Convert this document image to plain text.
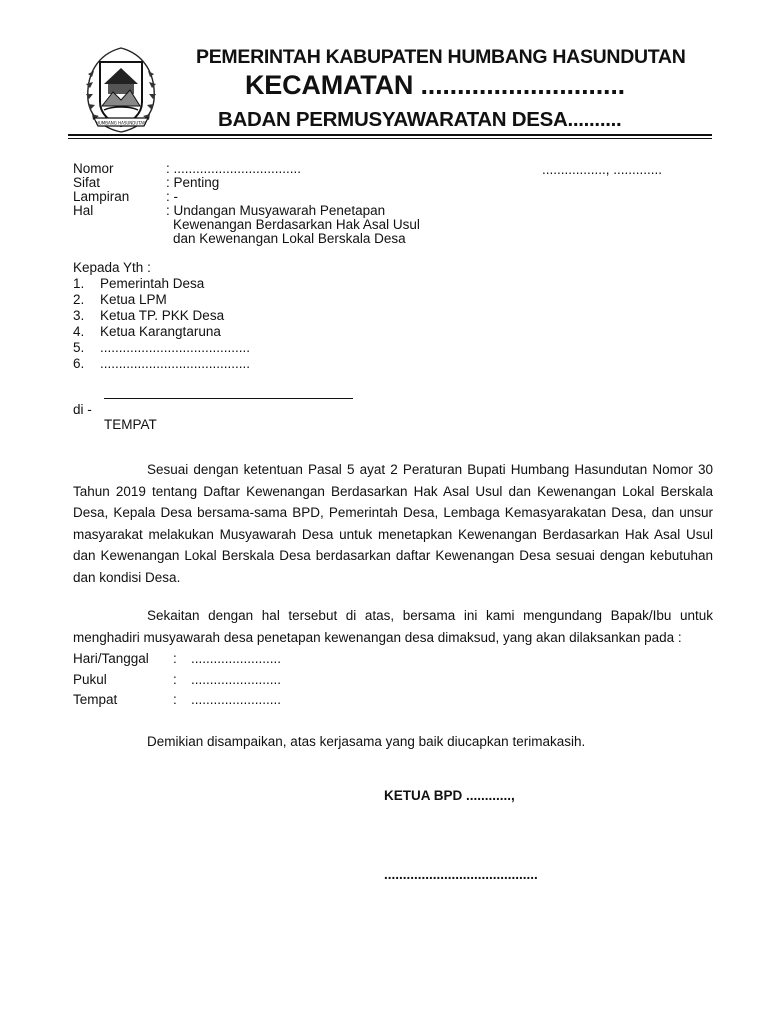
HUMBANG HASUNDUTAN
PEMERINTAH KABUPATEN HUMBANG HASUNDUTAN
KECAMATAN ............................
BADAN PERMUSYAWARATAN DESA..........
Nomor	: ..................................
Sifat	: Penting
Lampiran	: -
Hal	: Undangan Musyawarah Penetapan
Kewenangan Berdasarkan Hak Asal Usul
dan Kewenangan Lokal Berskala Desa
................., .............
Kepada Yth :
1.	Pemerintah Desa
2.	Ketua LPM
3.	Ketua TP. PKK Desa
4.	Ketua Karangtaruna
5.	........................................
6.	........................................
di -
TEMPAT
Sesuai dengan ketentuan Pasal 5 ayat 2 Peraturan Bupati Humbang Hasundutan Nomor 30 Tahun 2019 tentang Daftar Kewenangan Berdasarkan Hak Asal Usul dan Kewenangan Lokal Berskala Desa, Kepala Desa bersama-sama BPD, Pemerintah Desa, Lembaga Kemasyarakatan Desa, dan unsur masyarakat melakukan Musyawarah Desa untuk menetapkan Kewenangan Berdasarkan Hak Asal Usul dan Kewenangan Lokal Berskala Desa berdasarkan daftar Kewenangan Desa sesuai dengan kebutuhan dan kondisi Desa.
Sekaitan dengan hal tersebut di atas, bersama ini kami mengundang Bapak/Ibu untuk menghadiri musyawarah desa penetapan kewenangan desa dimaksud, yang akan dilaksankan pada :
Hari/Tanggal	:	........................
Pukul	:	........................
Tempat	:	........................
Demikian disampaikan, atas kerjasama yang baik diucapkan terimakasih.
KETUA BPD ............,
.........................................
